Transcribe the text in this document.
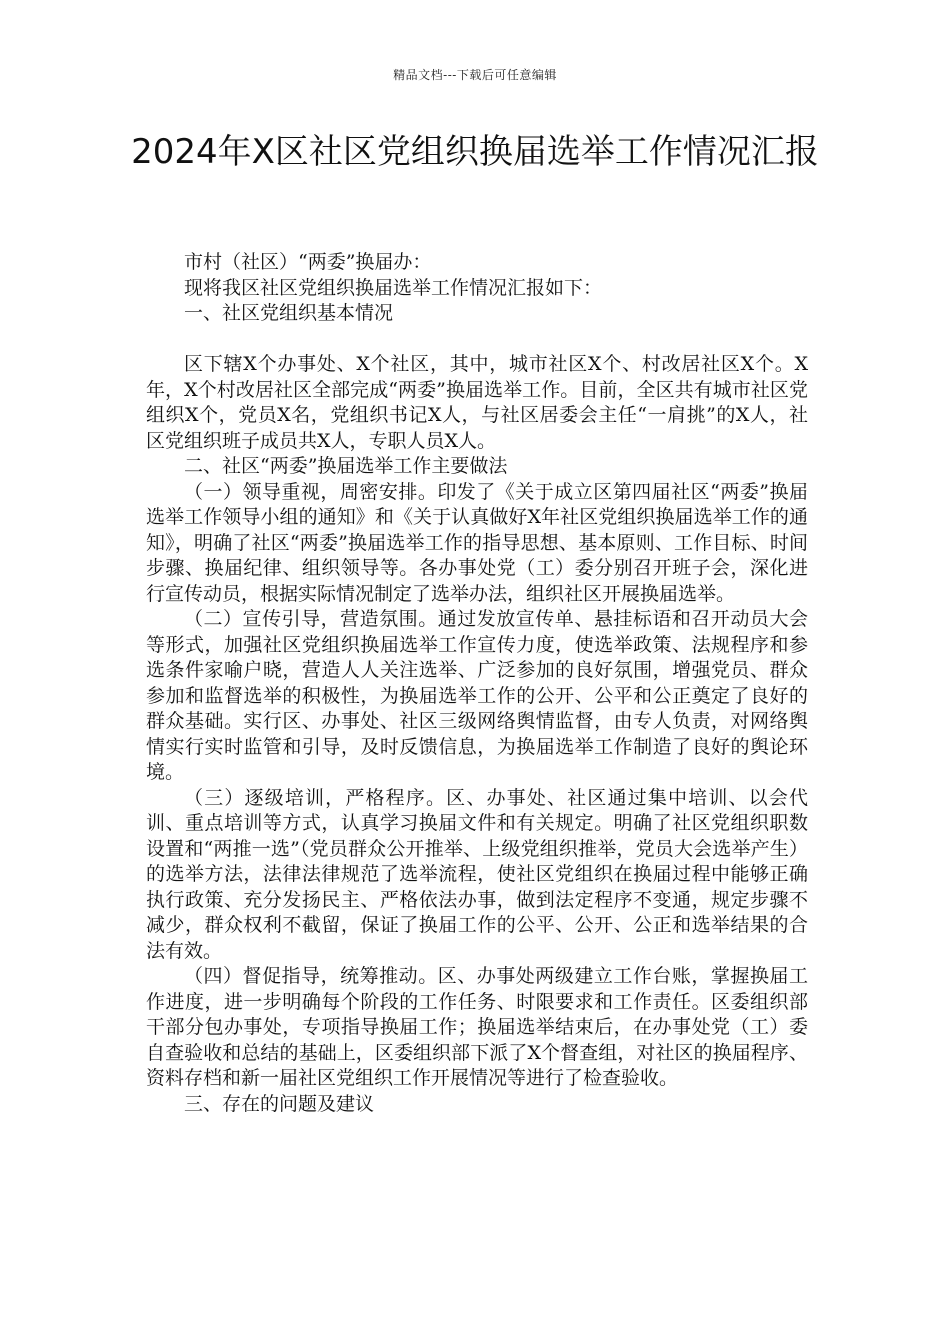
精品文档---下载后可任意编辑
2024年X区社区党组织换届选举工作情况汇报

市村（社区）“两委”换届办：

现将我区社区党组织换届选举工作情况汇报如下：

一、社区党组织基本情况

区下辖X个办事处、X个社区，其中，城市社区X个、村改居社区X个。X年，X个村改居社区全部完成“两委”换届选举工作。目前，全区共有城市社区党组织X个，党员X名，党组织书记X人，与社区居委会主任“一肩挑”的X人，社区党组织班子成员共X人，专职人员X人。

二、社区“两委”换届选举工作主要做法

（一）领导重视，周密安排。印发了《关于成立区第四届社区“两委”换届选举工作领导小组的通知》和《关于认真做好X年社区党组织换届选举工作的通知》，明确了社区“两委”换届选举工作的指导思想、基本原则、工作目标、时间步骤、换届纪律、组织领导等。各办事处党（工）委分别召开班子会，深化进行宣传动员，根据实际情况制定了选举办法，组织社区开展换届选举。

（二）宣传引导，营造氛围。通过发放宣传单、悬挂标语和召开动员大会等形式，加强社区党组织换届选举工作宣传力度，使选举政策、法规程序和参选条件家喻户晓，营造人人关注选举、广泛参加的良好氛围，增强党员、群众参加和监督选举的积极性，为换届选举工作的公开、公平和公正奠定了良好的群众基础。实行区、办事处、社区三级网络舆情监督，由专人负责，对网络舆情实行实时监管和引导，及时反馈信息，为换届选举工作制造了良好的舆论环境。

（三）逐级培训，严格程序。区、办事处、社区通过集中培训、以会代训、重点培训等方式，认真学习换届文件和有关规定。明确了社区党组织职数设置和“两推一选”（党员群众公开推举、上级党组织推举，党员大会选举产生）的选举方法，法律法律规范了选举流程，使社区党组织在换届过程中能够正确执行政策、充分发扬民主、严格依法办事，做到法定程序不变通，规定步骤不减少，群众权利不截留，保证了换届工作的公平、公开、公正和选举结果的合法有效。

（四）督促指导，统筹推动。区、办事处两级建立工作台账，掌握换届工作进度，进一步明确每个阶段的工作任务、时限要求和工作责任。区委组织部干部分包办事处，专项指导换届工作；换届选举结束后，在办事处党（工）委自查验收和总结的基础上，区委组织部下派了X个督查组，对社区的换届程序、资料存档和新一届社区党组织工作开展情况等进行了检查验收。

三、存在的问题及建议
